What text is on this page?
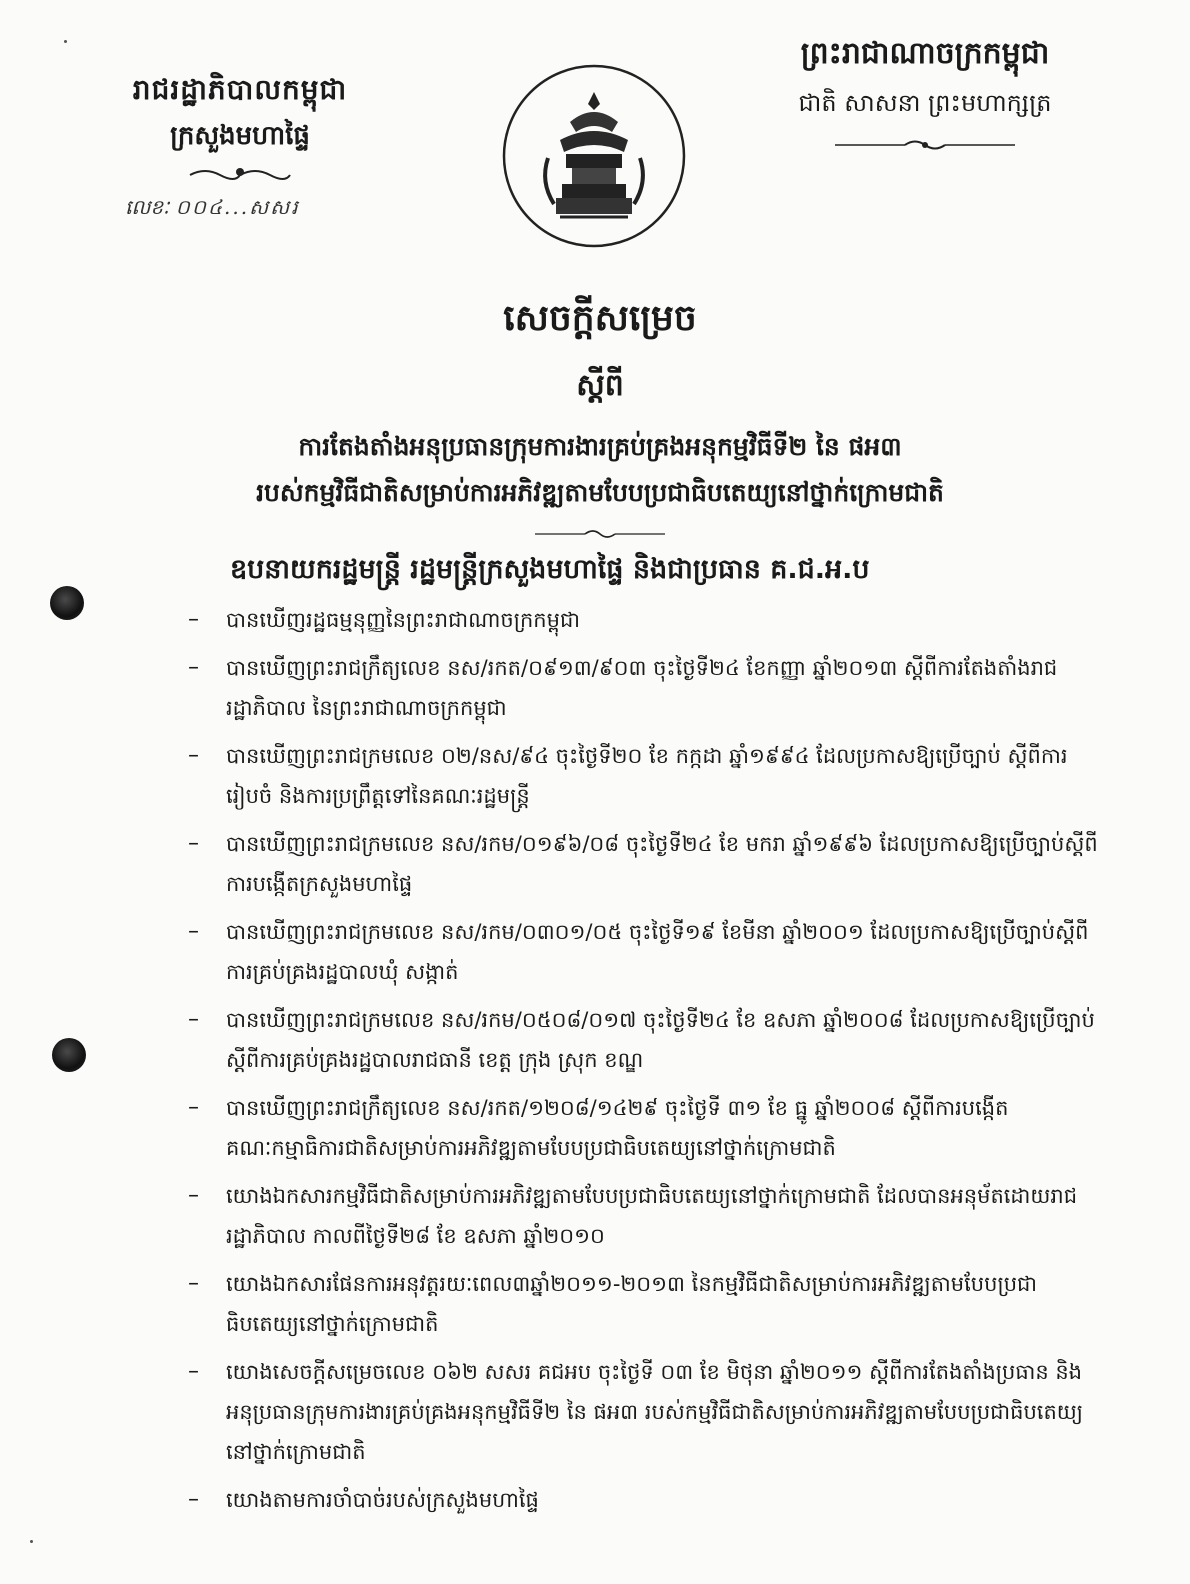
រាជរដ្ឋាភិបាលកម្ពុជា
ក្រសួងមហាផ្ទៃ
លេខៈ ០០៤...សសរ
ព្រះរាជាណាចក្រកម្ពុជា
ជាតិ សាសនា ព្រះមហាក្សត្រ
សេចក្តីសម្រេច
ស្តីពី
ការតែងតាំងអនុប្រធានក្រុមការងារគ្រប់គ្រងអនុកម្មវិធីទី២ នៃ ផអ៣
របស់កម្មវិធីជាតិសម្រាប់ការអភិវឌ្ឍតាមបែបប្រជាធិបតេយ្យនៅថ្នាក់ក្រោមជាតិ
ឧបនាយករដ្ឋមន្ត្រី រដ្ឋមន្ត្រីក្រសួងមហាផ្ទៃ និងជាប្រធាន គ.ជ.អ.ប
– បានឃើញរដ្ឋធម្មនុញ្ញនៃព្រះរាជាណាចក្រកម្ពុជា
– បានឃើញព្រះរាជក្រឹត្យលេខ នស/រកត/០៩១៣/៩០៣ ចុះថ្ងៃទី២៤ ខែកញ្ញា ឆ្នាំ២០១៣ ស្តីពីការតែងតាំងរាជរដ្ឋាភិបាល នៃព្រះរាជាណាចក្រកម្ពុជា
– បានឃើញព្រះរាជក្រមលេខ ០២/នស/៩៤ ចុះថ្ងៃទី២០ ខែ កក្កដា ឆ្នាំ១៩៩៤ ដែលប្រកាសឱ្យប្រើច្បាប់ ស្តីពីការរៀបចំ និងការប្រព្រឹត្តទៅនៃគណៈរដ្ឋមន្ត្រី
– បានឃើញព្រះរាជក្រមលេខ នស/រកម/០១៩៦/០៨ ចុះថ្ងៃទី២៤ ខែ មករា ឆ្នាំ១៩៩៦ ដែលប្រកាសឱ្យប្រើច្បាប់ស្តីពីការបង្កើតក្រសួងមហាផ្ទៃ
– បានឃើញព្រះរាជក្រមលេខ នស/រកម/០៣០១/០៥ ចុះថ្ងៃទី១៩ ខែមីនា ឆ្នាំ២០០១ ដែលប្រកាសឱ្យប្រើច្បាប់ស្តីពីការគ្រប់គ្រងរដ្ឋបាលឃុំ សង្កាត់
– បានឃើញព្រះរាជក្រមលេខ នស/រកម/០៥០៨/០១៧ ចុះថ្ងៃទី២៤ ខែ ឧសភា ឆ្នាំ២០០៨ ដែលប្រកាសឱ្យប្រើច្បាប់ស្តីពីការគ្រប់គ្រងរដ្ឋបាលរាជធានី ខេត្ត ក្រុង ស្រុក ខណ្ឌ
– បានឃើញព្រះរាជក្រឹត្យលេខ នស/រកត/១២០៨/១៤២៩ ចុះថ្ងៃទី ៣១ ខែ ធ្នូ ឆ្នាំ២០០៨ ស្តីពីការបង្កើតគណៈកម្មាធិការជាតិសម្រាប់ការអភិវឌ្ឍតាមបែបប្រជាធិបតេយ្យនៅថ្នាក់ក្រោមជាតិ
– យោងឯកសារកម្មវិធីជាតិសម្រាប់ការអភិវឌ្ឍតាមបែបប្រជាធិបតេយ្យនៅថ្នាក់ក្រោមជាតិ ដែលបានអនុម័តដោយរាជរដ្ឋាភិបាល កាលពីថ្ងៃទី២៨ ខែ ឧសភា ឆ្នាំ២០១០
– យោងឯកសារផែនការអនុវត្តរយៈពេល៣ឆ្នាំ២០១១-២០១៣ នៃកម្មវិធីជាតិសម្រាប់ការអភិវឌ្ឍតាមបែបប្រជាធិបតេយ្យនៅថ្នាក់ក្រោមជាតិ
– យោងសេចក្តីសម្រេចលេខ ០៦២ សសរ គជអប ចុះថ្ងៃទី ០៣ ខែ មិថុនា ឆ្នាំ២០១១ ស្តីពីការតែងតាំងប្រធាន និងអនុប្រធានក្រុមការងារគ្រប់គ្រងអនុកម្មវិធីទី២ នៃ ផអ៣ របស់កម្មវិធីជាតិសម្រាប់ការអភិវឌ្ឍតាមបែបប្រជាធិបតេយ្យនៅថ្នាក់ក្រោមជាតិ
– យោងតាមការចាំបាច់របស់ក្រសួងមហាផ្ទៃ
